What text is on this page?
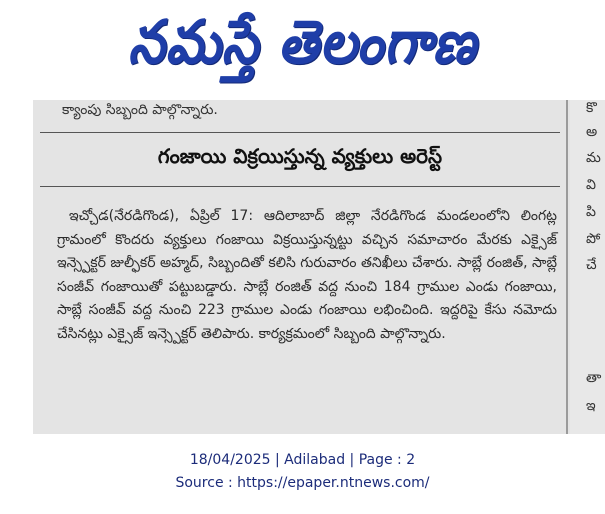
నమస్తే తెలంగాణ
క్యాంపు సిబ్బంది పాల్గొన్నారు.
గంజాయి విక్రయిస్తున్న వ్యక్తులు అరెస్ట్
ఇచ్చోడ(నేరడిగొండ), ఏప్రిల్ 17: ఆదిలాబాద్ జిల్లా నేరడిగొండ మండలంలోని లింగట్ల గ్రామంలో కొందరు వ్యక్తులు గంజాయి విక్రయిస్తున్నట్టు వచ్చిన సమాచారం మేరకు ఎక్సైజ్ ఇన్స్పెక్టర్ జుల్ఫీకర్ అహ్మద్, సిబ్బందితో కలిసి గురువారం తనిఖీలు చేశారు. సాబ్లే రంజిత్, సాబ్లే సంజీవ్ గంజాయితో పట్టుబడ్డారు. సాబ్లే రంజిత్ వద్ద నుంచి 184 గ్రాముల ఎండు గంజాయి, సాబ్లే సంజీవ్ వద్ద నుంచి 223 గ్రాముల ఎండు గంజాయి లభించింది. ఇద్దరిపై కేసు నమోదు చేసినట్లు ఎక్సైజ్ ఇన్స్పెక్టర్ తెలిపారు. కార్యక్రమంలో సిబ్బంది పాల్గొన్నారు.
కొ
అ
మ
వి
పి
పో
చే
తా
ఇ
18/04/2025 | Adilabad | Page : 2
Source : https://epaper.ntnews.com/
